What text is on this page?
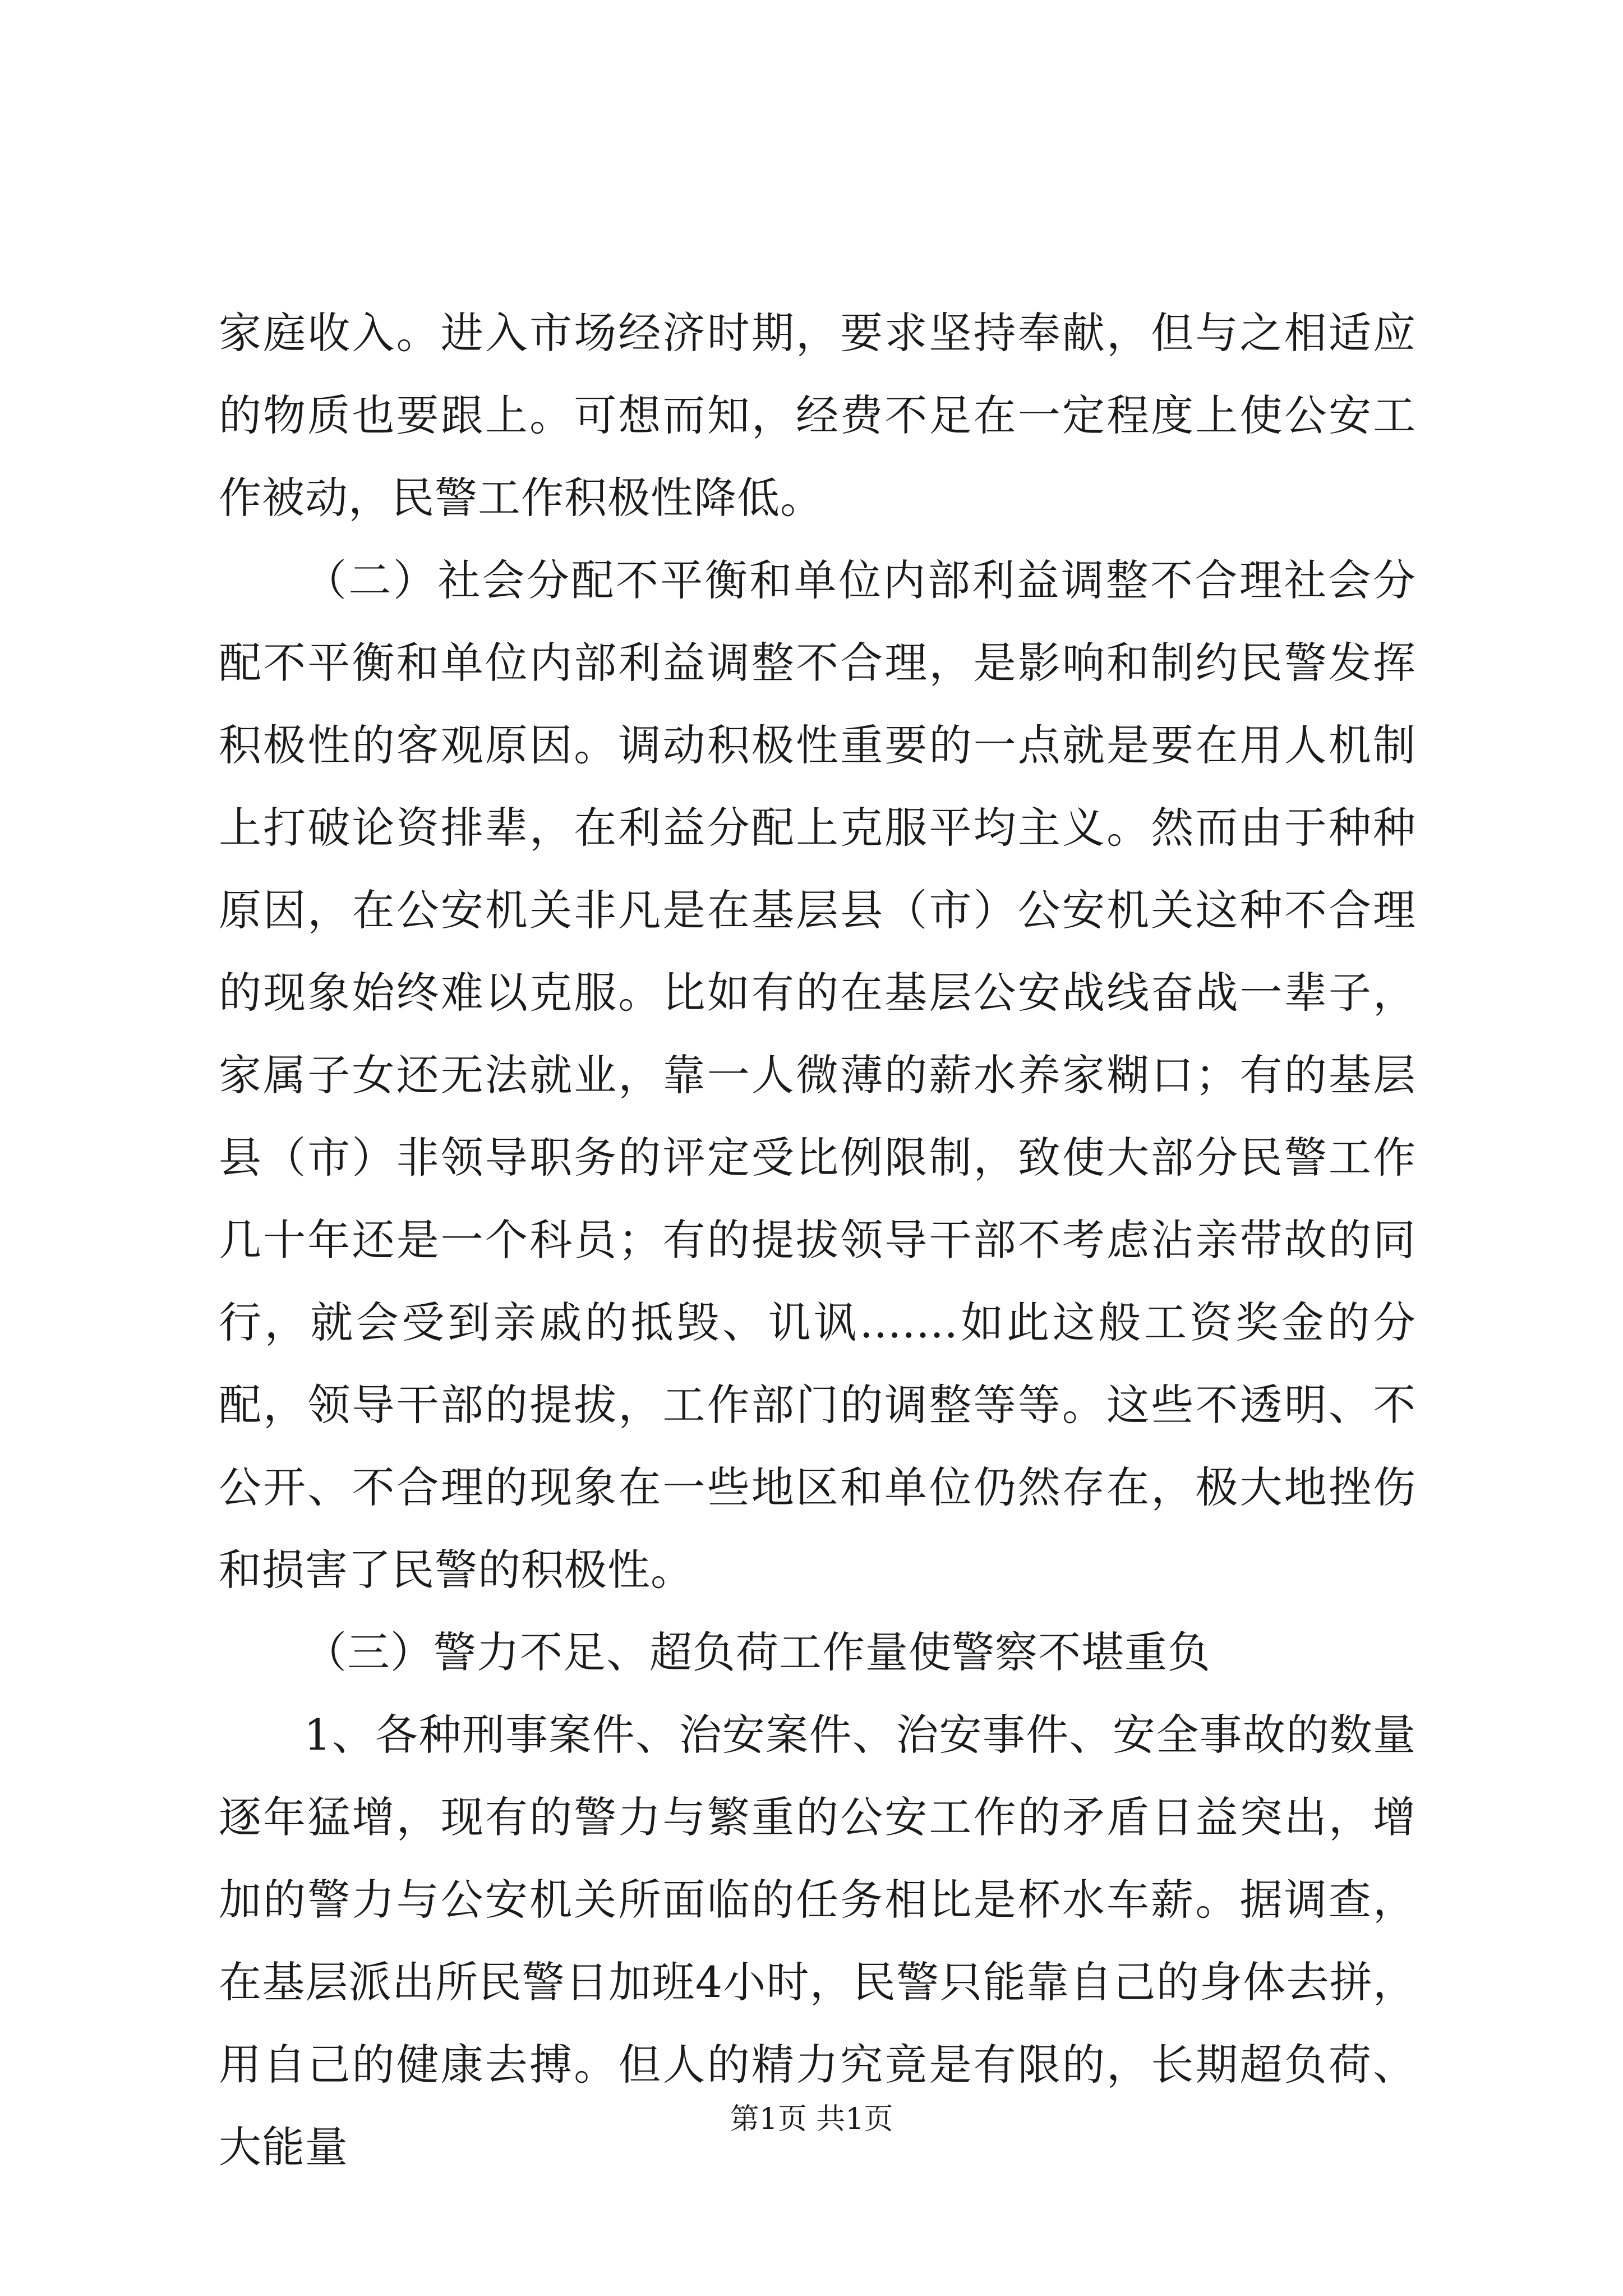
家庭收入。进入市场经济时期，要求坚持奉献，但与之相适应的物质也要跟上。可想而知，经费不足在一定程度上使公安工作被动，民警工作积极性降低。

（二）社会分配不平衡和单位内部利益调整不合理社会分配不平衡和单位内部利益调整不合理，是影响和制约民警发挥积极性的客观原因。调动积极性重要的一点就是要在用人机制上打破论资排辈，在利益分配上克服平均主义。然而由于种种原因，在公安机关非凡是在基层县（市）公安机关这种不合理的现象始终难以克服。比如有的在基层公安战线奋战一辈子，家属子女还无法就业，靠一人微薄的薪水养家糊口；有的基层县（市）非领导职务的评定受比例限制，致使大部分民警工作几十年还是一个科员；有的提拔领导干部不考虑沾亲带故的同行，就会受到亲戚的抵毁、讥讽.......如此这般工资奖金的分配，领导干部的提拔，工作部门的调整等等。这些不透明、不公开、不合理的现象在一些地区和单位仍然存在，极大地挫伤和损害了民警的积极性。

（三）警力不足、超负荷工作量使警察不堪重负

1、各种刑事案件、治安案件、治安事件、安全事故的数量逐年猛增，现有的警力与繁重的公安工作的矛盾日益突出，增加的警力与公安机关所面临的任务相比是杯水车薪。据调查，在基层派出所民警日加班4小时，民警只能靠自己的身体去拼，用自己的健康去搏。但人的精力究竟是有限的，长期超负荷、大能量

第1页 共1页
